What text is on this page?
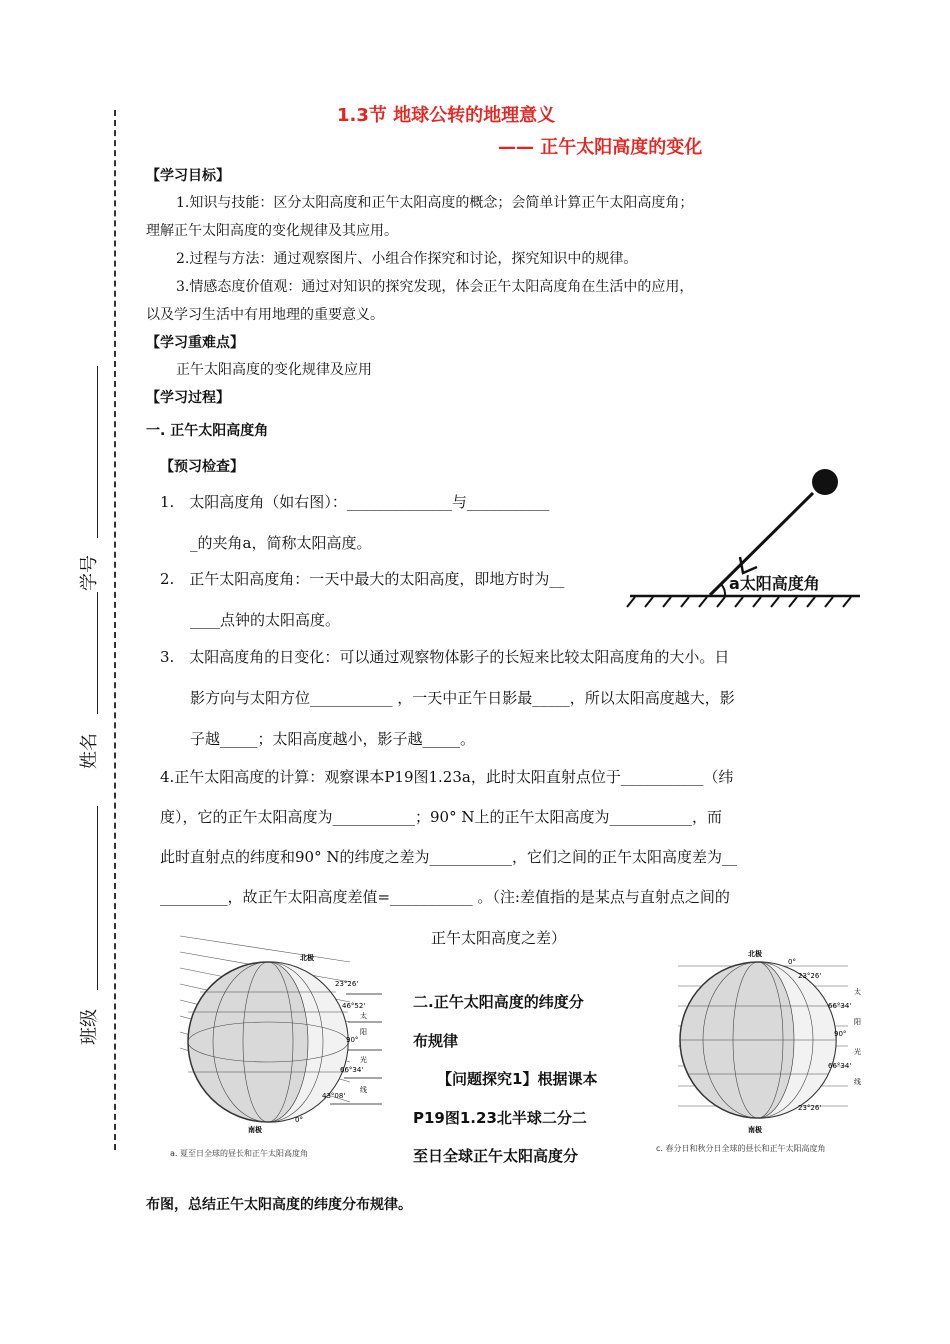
学号
姓名
班级
1.3节 地球公转的地理意义
—— 正午太阳高度的变化
【学习目标】
1.知识与技能：区分太阳高度和正午太阳高度的概念；会简单计算正午太阳高度角；
理解正午太阳高度的变化规律及其应用。
2.过程与方法：通过观察图片、小组合作探究和讨论，探究知识中的规律。
3.情感态度价值观：通过对知识的探究发现，体会正午太阳高度角在生活中的应用，
以及学习生活中有用地理的重要意义。
【学习重难点】
正午太阳高度的变化规律及应用
【学习过程】
一. 正午太阳高度角
【预习检查】
1.　太阳高度角（如右图）：______________与___________
_的夹角a，简称太阳高度。
2.　正午太阳高度角：一天中最大的太阳高度，即地方时为__
____点钟的太阳高度。
3.　太阳高度角的日变化：可以通过观察物体影子的长短来比较太阳高度角的大小。日
影方向与太阳方位___________ ，一天中正午日影最_____，所以太阳高度越大，影
子越_____；太阳高度越小，影子越_____。
4.正午太阳高度的计算：观察课本P19图1.23a，此时太阳直射点位于___________（纬
度），它的正午太阳高度为___________；90° N上的正午太阳高度为___________，而
此时直射点的纬度和90° N的纬度之差为___________，它们之间的正午太阳高度差为__
_________，故正午太阳高度差值=___________ 。（注:差值指的是某点与直射点之间的
正午太阳高度之差）
二.正午太阳高度的纬度分
布规律
【问题探究1】根据课本
P19图1.23北半球二分二
至日全球正午太阳高度分
布图，总结正午太阳高度的纬度分布规律。
a太阳高度角
北极
南极
23°26'
46°52'
90°
66°34'
43°08'
0°
太
阳
光
线
a. 夏至日全球的昼长和正午太阳高度角
北极
南极
0°
23°26'
66°34'
90°
66°34'
23°26'
太
阳
光
线
c. 春分日和秋分日全球的昼长和正午太阳高度角
